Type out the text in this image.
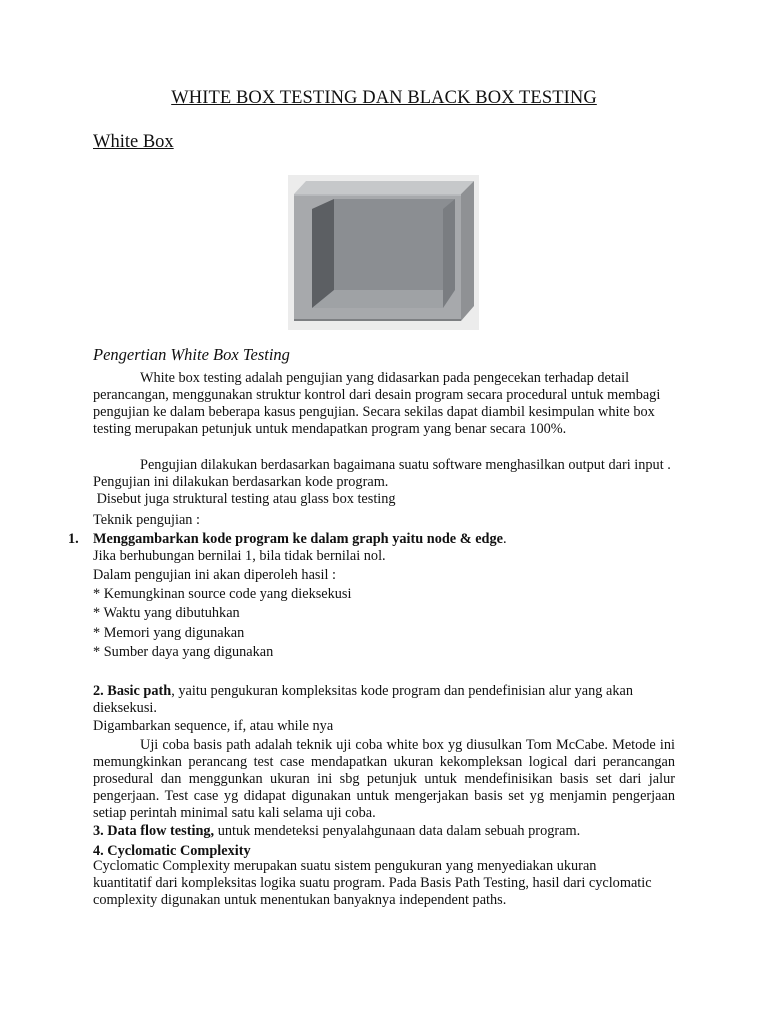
WHITE BOX TESTING DAN BLACK BOX TESTING
White Box
Pengertian White Box Testing
White box testing adalah pengujian yang didasarkan pada pengecekan terhadap detail perancangan, menggunakan struktur kontrol dari desain program secara procedural untuk membagi pengujian ke dalam beberapa kasus pengujian. Secara sekilas dapat diambil kesimpulan white box testing merupakan petunjuk untuk mendapatkan program yang benar secara 100%.
Pengujian dilakukan berdasarkan bagaimana suatu software menghasilkan output dari input . Pengujian ini dilakukan berdasarkan kode program.
Disebut juga struktural testing atau glass box testing
Teknik pengujian :
1. Menggambarkan kode program ke dalam graph yaitu node & edge.
Jika berhubungan bernilai 1, bila tidak bernilai nol.
Dalam pengujian ini akan diperoleh hasil :
* Kemungkinan source code yang dieksekusi
* Waktu yang dibutuhkan
* Memori yang digunakan
* Sumber daya yang digunakan
2. Basic path, yaitu pengukuran kompleksitas kode program dan pendefinisian alur yang akan dieksekusi.
Digambarkan sequence, if, atau while nya
Uji coba basis path adalah teknik uji coba white box yg diusulkan Tom McCabe. Metode ini memungkinkan perancang test case mendapatkan ukuran kekompleksan logical dari perancangan prosedural dan menggunkan ukuran ini sbg petunjuk untuk mendefinisikan basis set dari jalur pengerjaan. Test case yg didapat digunakan untuk mengerjakan basis set yg menjamin pengerjaan setiap perintah minimal satu kali selama uji coba.
3. Data flow testing, untuk mendeteksi penyalahgunaan data dalam sebuah program.
4. Cyclomatic Complexity
Cyclomatic Complexity merupakan suatu sistem pengukuran yang menyediakan ukuran kuantitatif dari kompleksitas logika suatu program. Pada Basis Path Testing, hasil dari cyclomatic complexity digunakan untuk menentukan banyaknya independent paths.
